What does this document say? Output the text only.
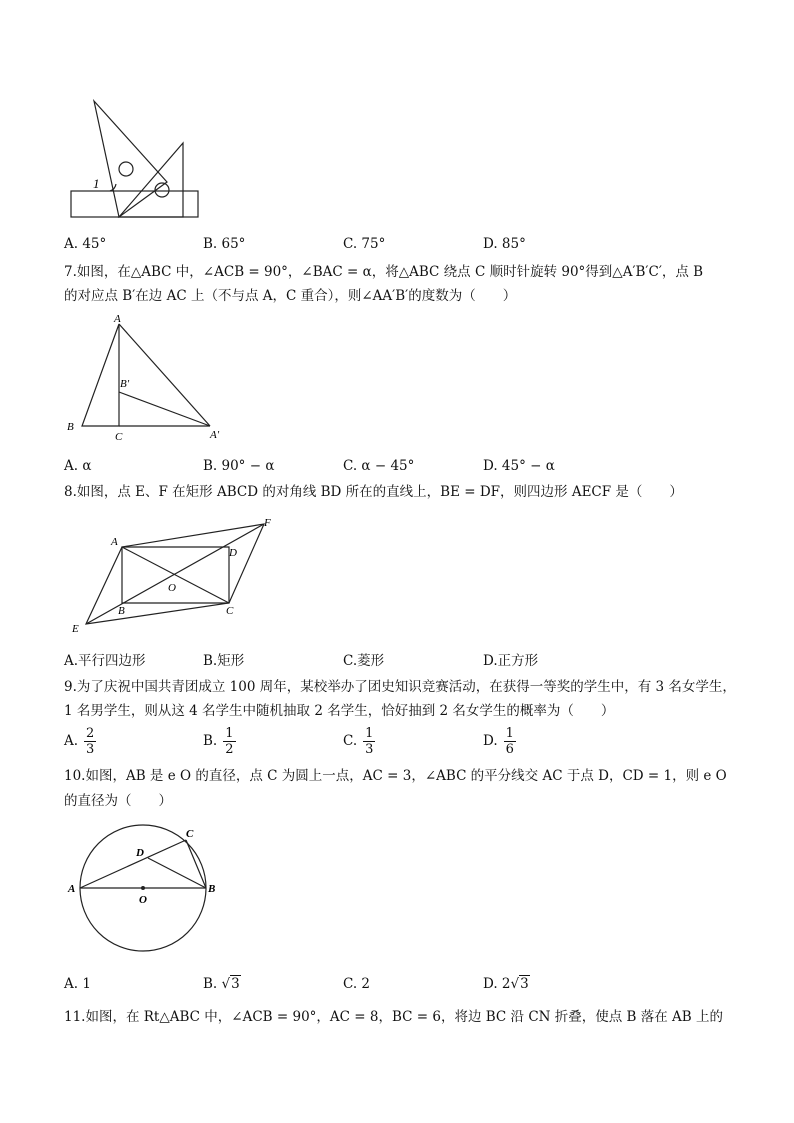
1
A. 45°	B. 65°	C. 75°	D. 85°
7.如图，在△ABC 中，∠ACB = 90°，∠BAC = α，将△ABC 绕点 C 顺时针旋转 90°得到△A′B′C′，点 B
的对应点 B′在边 AC 上（不与点 A，C 重合），则∠AA′B′的度数为（　　）
A
B
C
B′
A′
A. α	B. 90° − α	C. α − 45°	D. 45° − α
8.如图，点 E、F 在矩形 ABCD 的对角线 BD 所在的直线上，BE = DF，则四边形 AECF 是（　　）
A
D
F
O
B	C
E
A.平行四边形	B.矩形	C.菱形	D.正方形
9.为了庆祝中国共青团成立 100 周年，某校举办了团史知识竞赛活动，在获得一等奖的学生中，有 3 名女学生，
1 名男学生，则从这 4 名学生中随机抽取 2 名学生，恰好抽到 2 名女学生的概率为（　　）
A. $\frac{2}{3}$	B. $\frac{1}{2}$	C. $\frac{1}{3}$	D. $\frac{1}{6}$
10.如图，AB 是 e O 的直径，点 C 为圆上一点，AC = 3，∠ABC 的平分线交 AC 于点 D，CD = 1，则 e O
的直径为（　　）
A	B
C
D
O
A. 1	B. √3	C. 2	D. 2√3
11.如图，在 Rt△ABC 中，∠ACB = 90°，AC = 8，BC = 6，将边 BC 沿 CN 折叠，使点 B 落在 AB 上的
